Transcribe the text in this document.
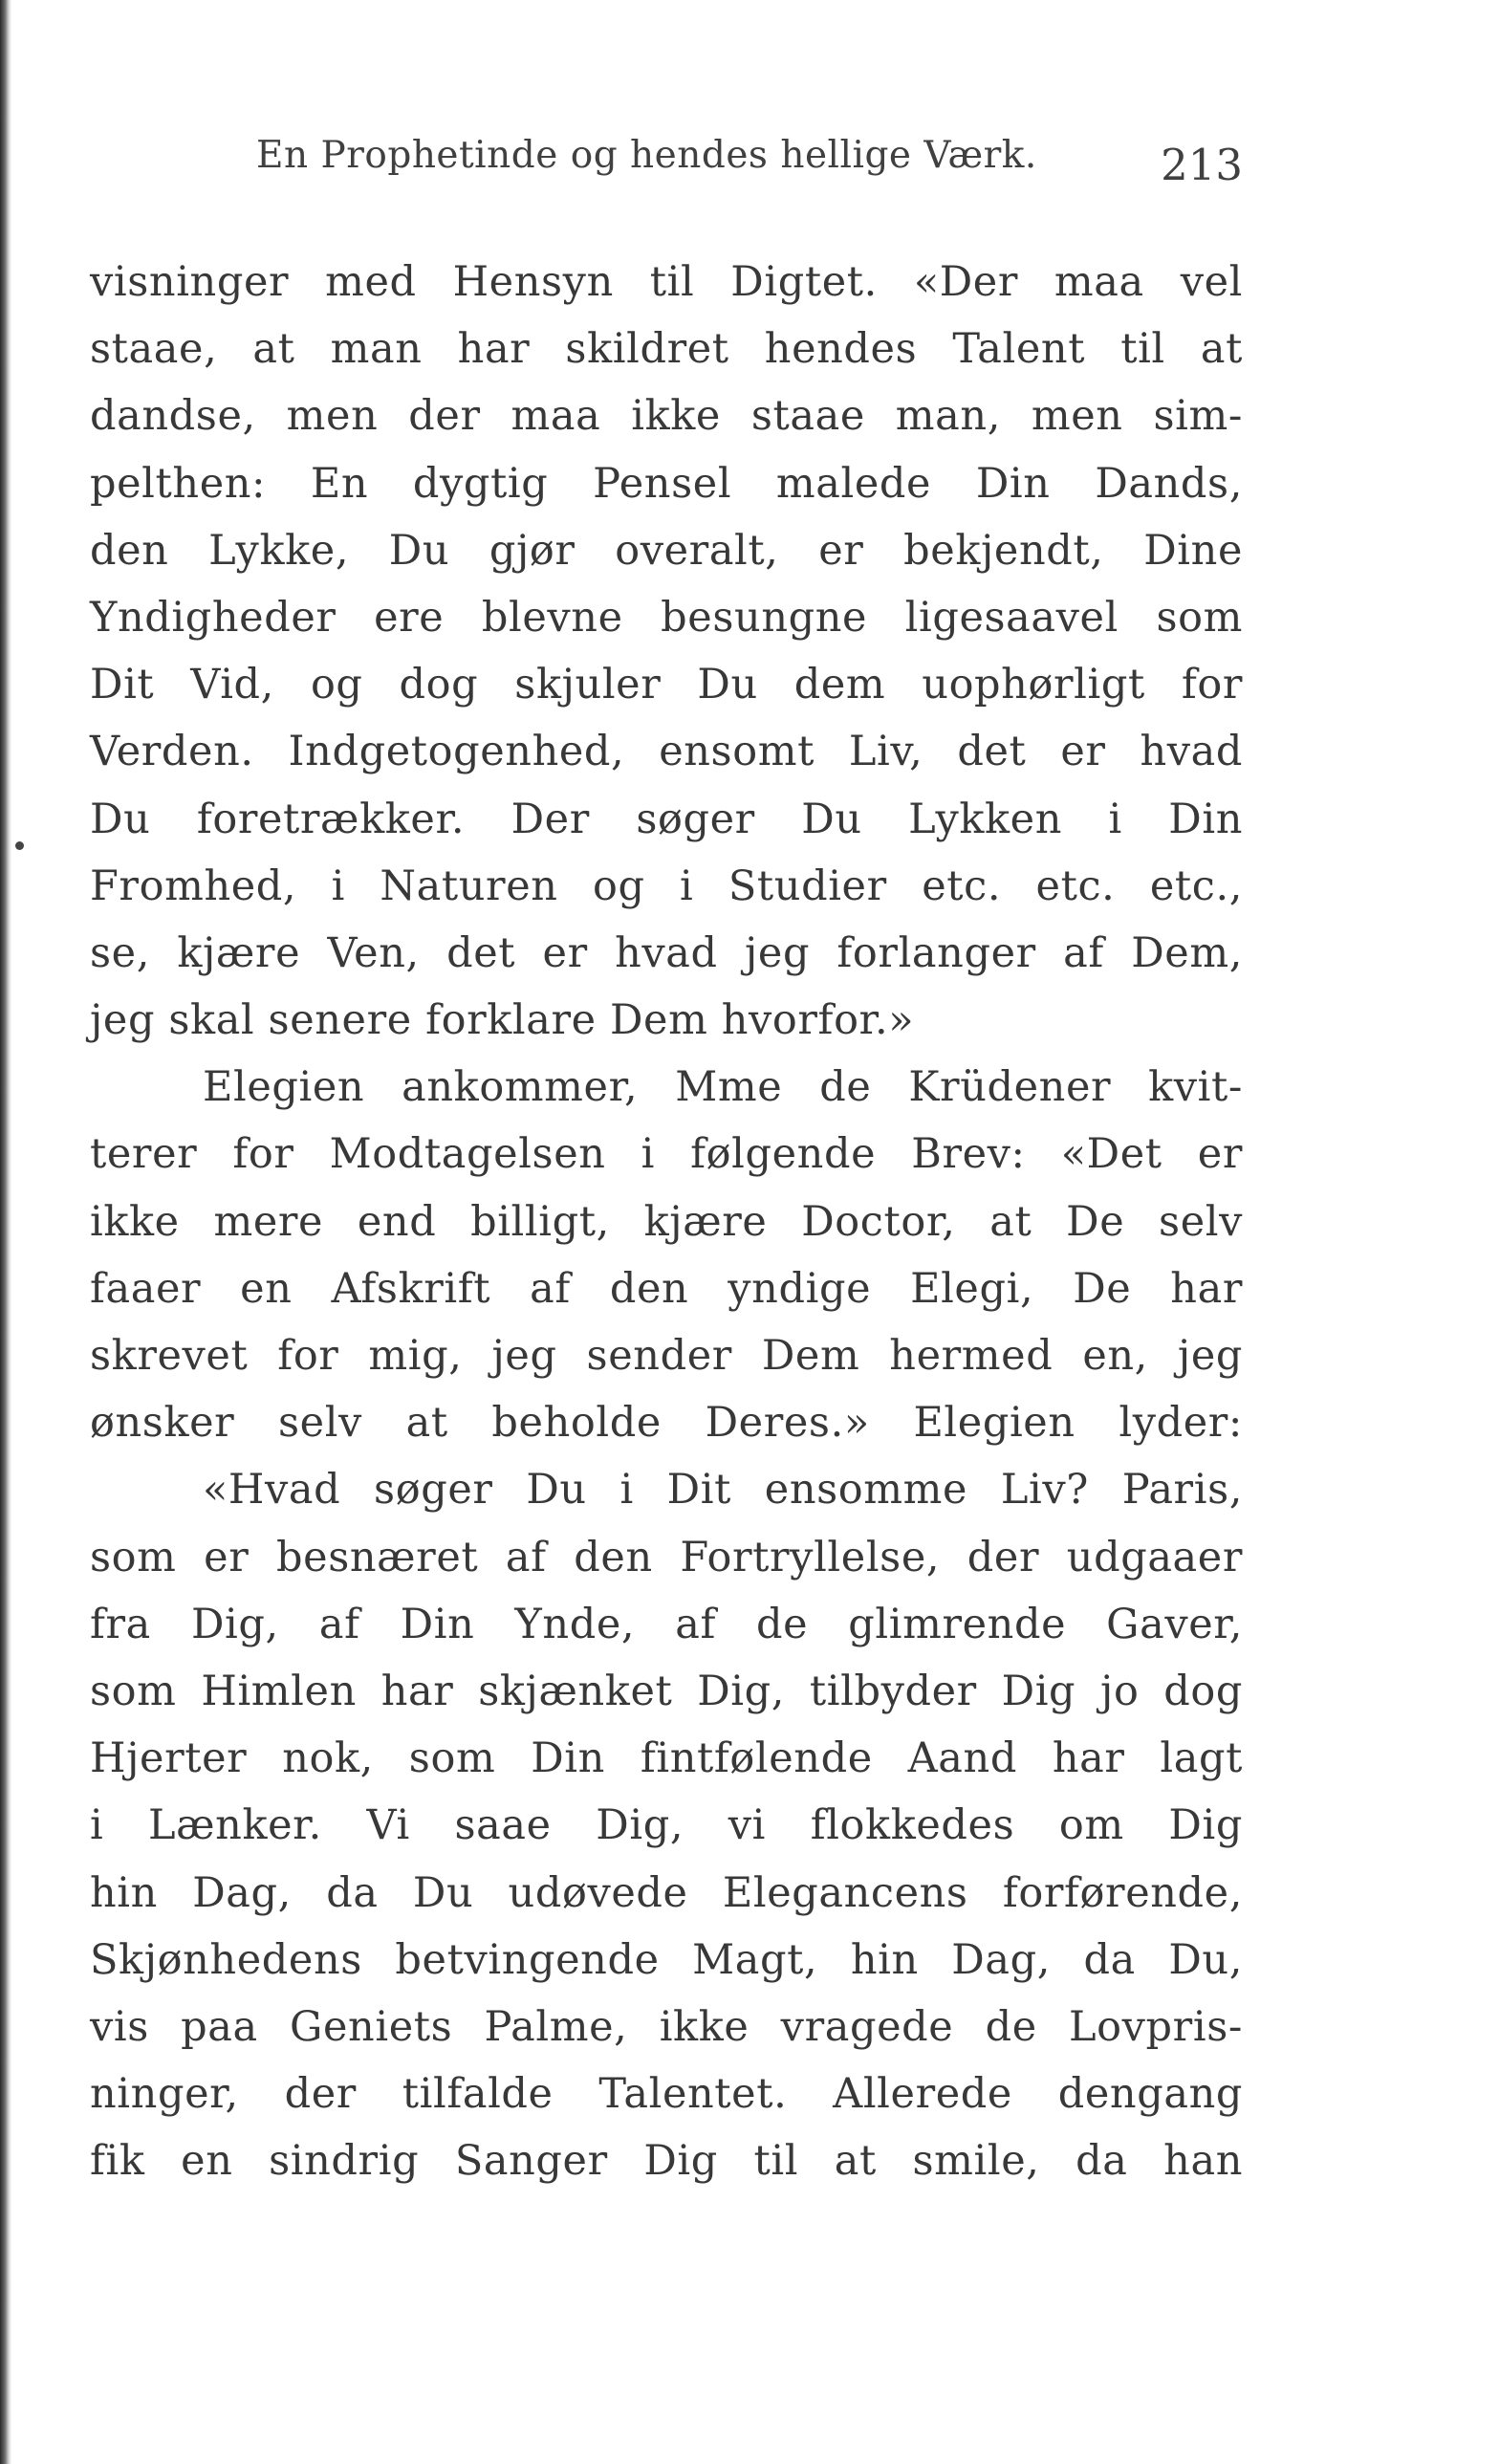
En Prophetinde og hendes hellige Værk.	213
visninger med Hensyn til Digtet. «Der maa vel
staae, at man har skildret hendes Talent til at
dandse, men der maa ikke staae man, men sim-
pelthen: En dygtig Pensel malede Din Dands,
den Lykke, Du gjør overalt, er bekjendt, Dine
Yndigheder ere blevne besungne ligesaavel som
Dit Vid, og dog skjuler Du dem uophørligt for
Verden. Indgetogenhed, ensomt Liv, det er hvad
Du foretrækker. Der søger Du Lykken i Din
Fromhed, i Naturen og i Studier etc. etc. etc.,
se, kjære Ven, det er hvad jeg forlanger af Dem,
jeg skal senere forklare Dem hvorfor.»
Elegien ankommer, Mme de Krüdener kvit-
terer for Modtagelsen i følgende Brev: «Det er
ikke mere end billigt, kjære Doctor, at De selv
faaer en Afskrift af den yndige Elegi, De har
skrevet for mig, jeg sender Dem hermed en, jeg
ønsker selv at beholde Deres.» Elegien lyder:
«Hvad søger Du i Dit ensomme Liv? Paris,
som er besnæret af den Fortryllelse, der udgaaer
fra Dig, af Din Ynde, af de glimrende Gaver,
som Himlen har skjænket Dig, tilbyder Dig jo dog
Hjerter nok, som Din fintfølende Aand har lagt
i Lænker. Vi saae Dig, vi flokkedes om Dig
hin Dag, da Du udøvede Elegancens forførende,
Skjønhedens betvingende Magt, hin Dag, da Du,
vis paa Geniets Palme, ikke vragede de Lovpris-
ninger, der tilfalde Talentet. Allerede dengang
fik en sindrig Sanger Dig til at smile, da han
